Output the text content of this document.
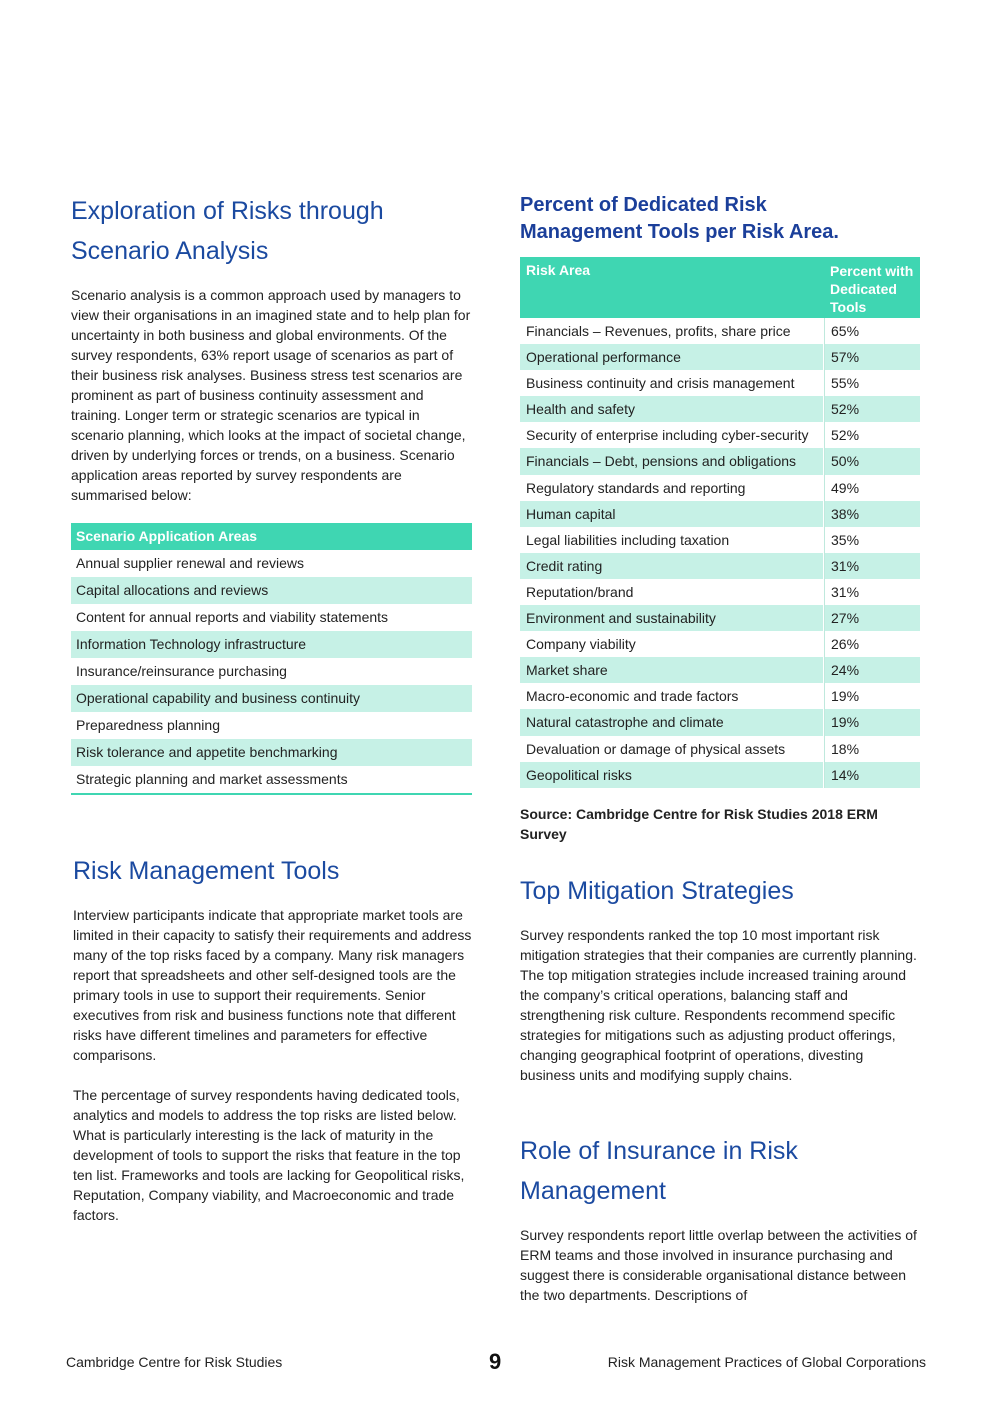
Exploration of Risks through
Scenario Analysis

Scenario analysis is a common approach used by managers to view their organisations in an imagined state and to help plan for uncertainty in both business and global environments. Of the survey respondents, 63% report usage of scenarios as part of their business risk analyses. Business stress test scenarios are prominent as part of business continuity assessment and training. Longer term or strategic scenarios are typical in scenario planning, which looks at the impact of societal change, driven by underlying forces or trends, on a business. Scenario application areas reported by survey respondents are summarised below:

Scenario Application Areas
Annual supplier renewal and reviews
Capital allocations and reviews
Content for annual reports and viability statements
Information Technology infrastructure
Insurance/reinsurance purchasing
Operational capability and business continuity
Preparedness planning
Risk tolerance and appetite benchmarking
Strategic planning and market assessments
Risk Management Tools

Interview participants indicate that appropriate market tools are limited in their capacity to satisfy their requirements and address many of the top risks faced by a company. Many risk managers report that spreadsheets and other self-designed tools are the primary tools in use to support their requirements. Senior executives from risk and business functions note that different risks have different timelines and parameters for effective comparisons.

The percentage of survey respondents having dedicated tools, analytics and models to address the top risks are listed below. What is particularly interesting is the lack of maturity in the development of tools to support the risks that feature in the top ten list. Frameworks and tools are lacking for Geopolitical risks, Reputation, Company viability, and Macroeconomic and trade factors.

Percent of Dedicated Risk
Management Tools per Risk Area.
Risk Area	Percent with Dedicated Tools
Financials – Revenues, profits, share price	65%
Operational performance	57%
Business continuity and crisis management	55%
Health and safety	52%
Security of enterprise including cyber-security	52%
Financials – Debt, pensions and obligations	50%
Regulatory standards and reporting	49%
Human capital	38%
Legal liabilities including taxation	35%
Credit rating	31%
Reputation/brand	31%
Environment and sustainability	27%
Company viability	26%
Market share	24%
Macro-economic and trade factors	19%
Natural catastrophe and climate	19%
Devaluation or damage of physical assets	18%
Geopolitical risks	14%
Source: Cambridge Centre for Risk Studies 2018 ERM Survey
Top Mitigation Strategies

Survey respondents ranked the top 10 most important risk mitigation strategies that their companies are currently planning. The top mitigation strategies include increased training around the company’s critical operations, balancing staff and strengthening risk culture. Respondents recommend specific strategies for mitigations such as adjusting product offerings, changing geographical footprint of operations, divesting business units and modifying supply chains.

Role of Insurance in Risk
Management

Survey respondents report little overlap between the activities of ERM teams and those involved in insurance purchasing and suggest there is considerable organisational distance between the two departments. Descriptions of

Cambridge Centre for Risk Studies	9	Risk Management Practices of Global Corporations
